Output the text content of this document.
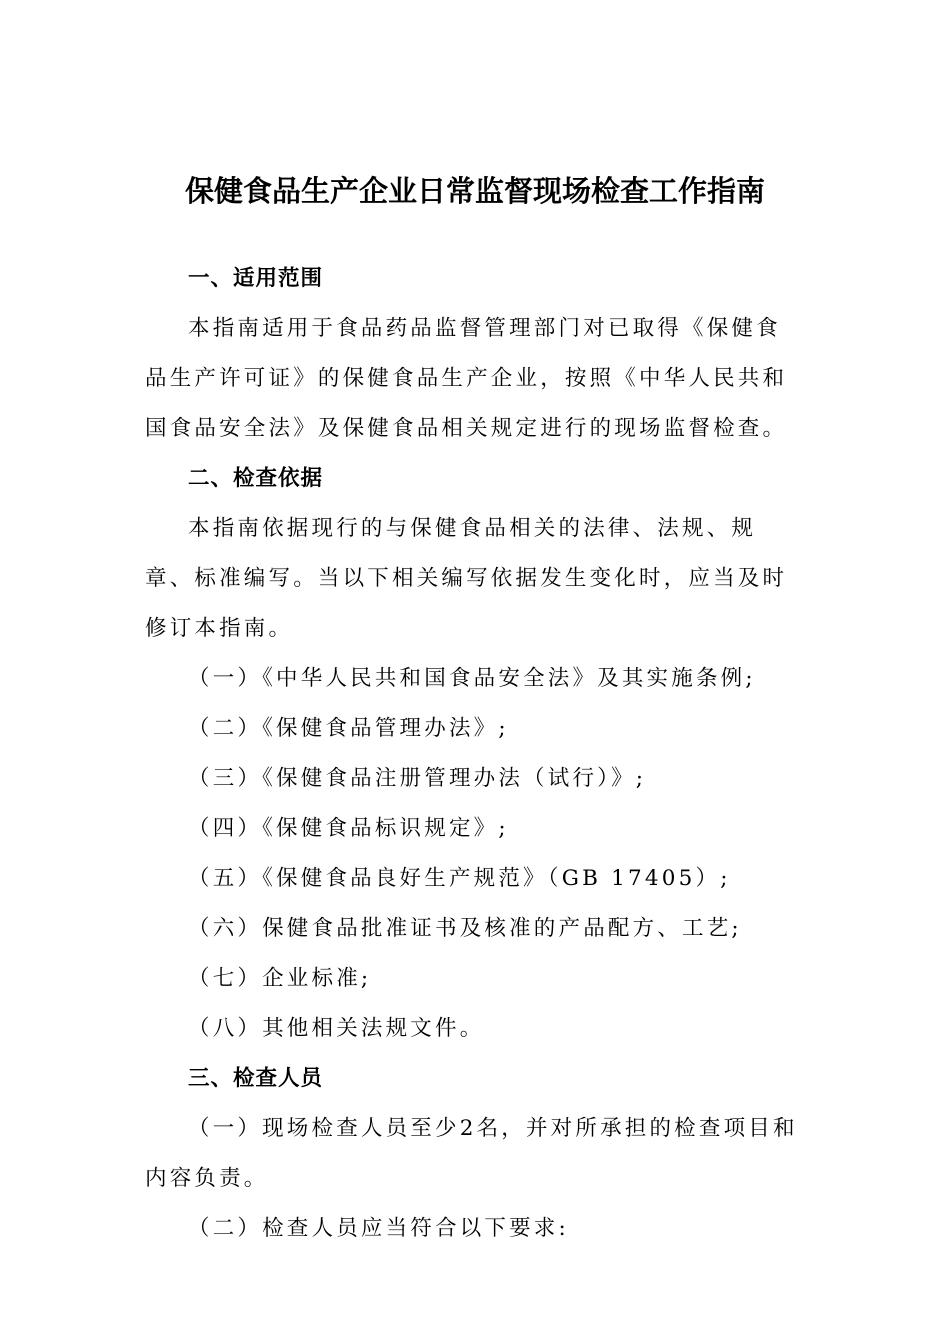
保健食品生产企业日常监督现场检查工作指南

一、适用范围

本指南适用于食品药品监督管理部门对已取得《保健食品生产许可证》的保健食品生产企业，按照《中华人民共和国食品安全法》及保健食品相关规定进行的现场监督检查。

二、检查依据

本指南依据现行的与保健食品相关的法律、法规、规章、标准编写。当以下相关编写依据发生变化时，应当及时修订本指南。

（一）《中华人民共和国食品安全法》及其实施条例;

（二）《保健食品管理办法》;

（三）《保健食品注册管理办法（试行）》;

（四）《保健食品标识规定》;

（五）《保健食品良好生产规范》（GB 17405）;

（六）保健食品批准证书及核准的产品配方、工艺;

（七）企业标准;

（八）其他相关法规文件。

三、检查人员

（一）现场检查人员至少2名，并对所承担的检查项目和内容负责。

（二）检查人员应当符合以下要求:
